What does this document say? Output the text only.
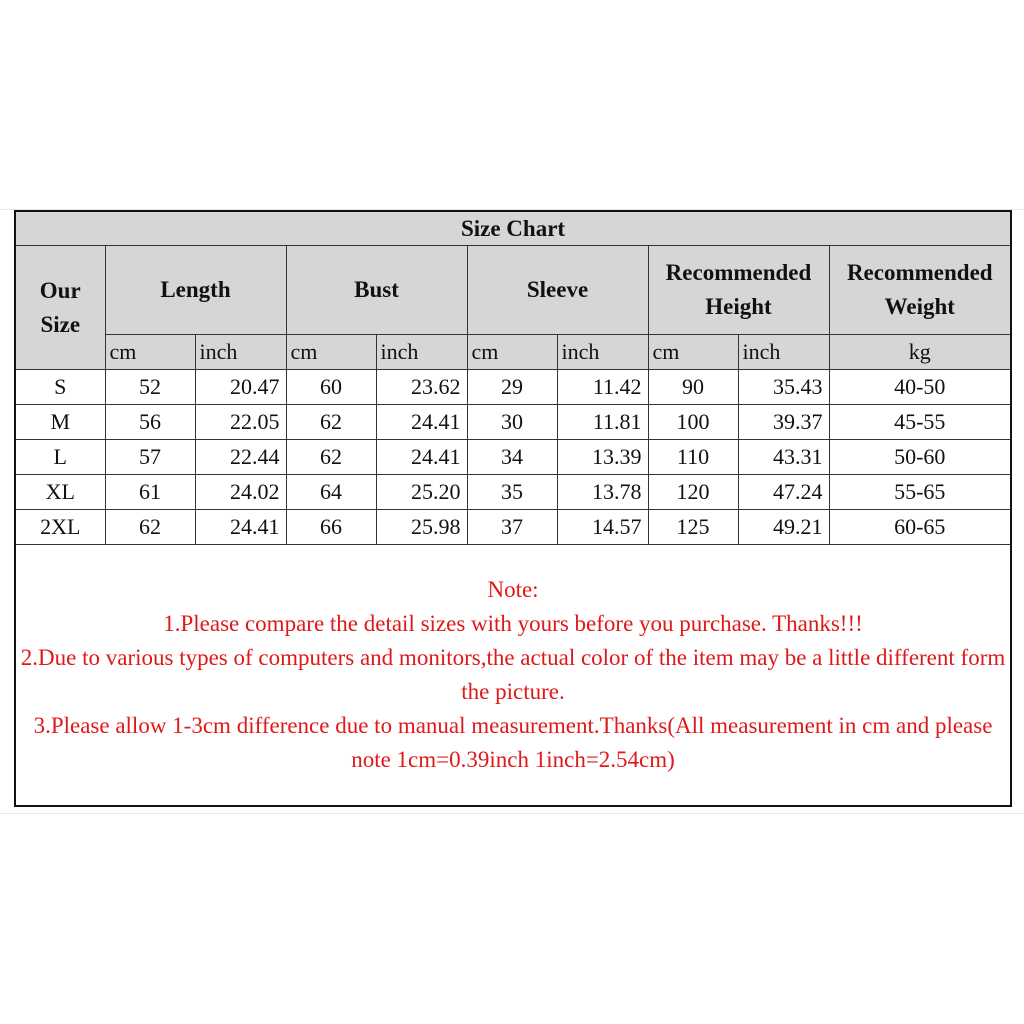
Size Chart									
Our Size	Length		Bust		Sleeve		Recommended Height		Recommended Weight
	cm	inch	cm	inch	cm	inch	cm	inch	kg
S	52	20.47	60	23.62	29	11.42	90	35.43	40-50
M	56	22.05	62	24.41	30	11.81	100	39.37	45-55
L	57	22.44	62	24.41	34	13.39	110	43.31	50-60
XL	61	24.02	64	25.20	35	13.78	120	47.24	55-65
2XL	62	24.41	66	25.98	37	14.57	125	49.21	60-65

Note:
1.Please compare the detail sizes with yours before you purchase. Thanks!!!
2.Due to various types of computers and monitors,the actual color of the item may be a little different form the picture.
3.Please allow 1-3cm difference due to manual measurement.Thanks(All measurement in cm and please note 1cm=0.39inch 1inch=2.54cm)									
